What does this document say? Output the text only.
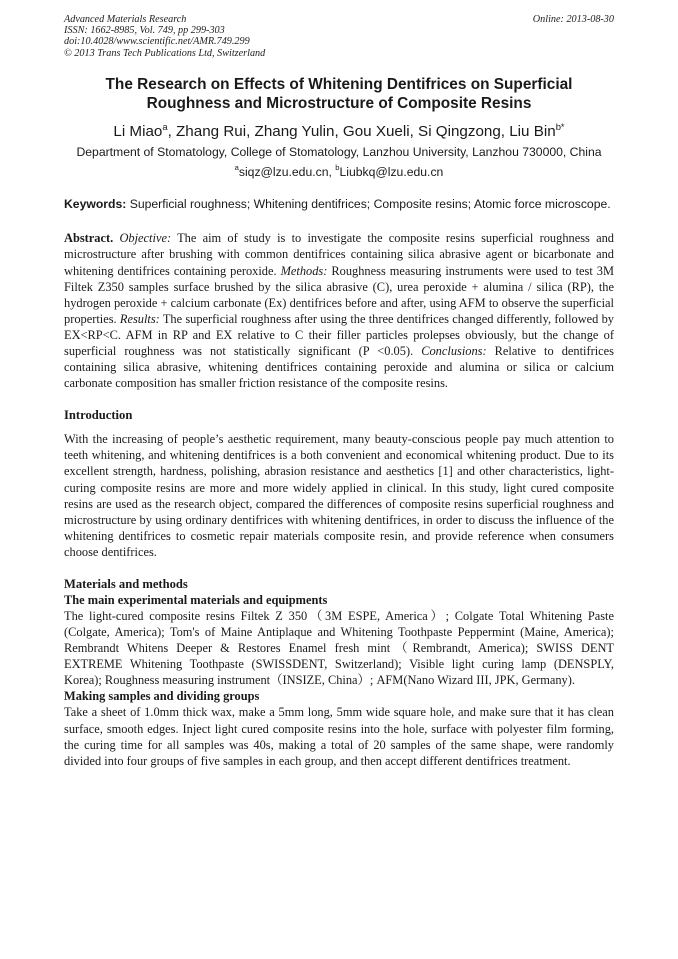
Advanced Materials Research
ISSN: 1662-8985, Vol. 749, pp 299-303
doi:10.4028/www.scientific.net/AMR.749.299
© 2013 Trans Tech Publications Ltd, Switzerland
Online: 2013-08-30
The Research on Effects of Whitening Dentifrices on Superficial Roughness and Microstructure of Composite Resins
Li Miao$^a$, Zhang Rui, Zhang Yulin, Gou Xueli, Si Qingzong, Liu Bin$^{b*}$
Department of Stomatology, College of Stomatology, Lanzhou University, Lanzhou 730000, China
$^a$siqz@lzu.edu.cn, $^b$Liubkq@lzu.edu.cn
Keywords: Superficial roughness; Whitening dentifrices; Composite resins; Atomic force microscope.
Abstract. Objective: The aim of study is to investigate the composite resins superficial roughness and microstructure after brushing with common dentifrices containing silica abrasive agent or bicarbonate and whitening dentifrices containing peroxide. Methods: Roughness measuring instruments were used to test 3M Filtek Z350 samples surface brushed by the silica abrasive (C), urea peroxide + alumina / silica (RP), the hydrogen peroxide + calcium carbonate (Ex) dentifrices before and after, using AFM to observe the superficial properties. Results: The superficial roughness after using the three dentifrices changed differently, followed by EX<RP<C. AFM in RP and EX relative to C their filler particles prolepses obviously, but the change of superficial roughness was not statistically significant (P <0.05). Conclusions: Relative to dentifrices containing silica abrasive, whitening dentifrices containing peroxide and alumina or silica or calcium carbonate composition has smaller friction resistance of the composite resins.
Introduction
With the increasing of people’s aesthetic requirement, many beauty-conscious people pay much attention to teeth whitening, and whitening dentifrices is a both convenient and economical whitening product. Due to its excellent strength, hardness, polishing, abrasion resistance and aesthetics [1] and other characteristics, light-curing composite resins are more and more widely applied in clinical. In this study, light cured composite resins are used as the research object, compared the differences of composite resins superficial roughness and microstructure by using ordinary dentifrices with whitening dentifrices, in order to discuss the influence of the whitening dentifrices to cosmetic repair materials composite resin, and provide reference when consumers choose dentifrices.
Materials and methods
The main experimental materials and equipments
The light-cured composite resins Filtek Z 350（3M ESPE, America）; Colgate Total Whitening Paste (Colgate, America); Tom's of Maine Antiplaque and Whitening Toothpaste Peppermint (Maine, America); Rembrandt Whitens Deeper & Restores Enamel fresh mint（Rembrandt, America); SWISS DENT EXTREME Whitening Toothpaste (SWISSDENT, Switzerland); Visible light curing lamp (DENSPLY, Korea); Roughness measuring instrument（INSIZE, China）; AFM(Nano Wizard III, JPK, Germany).
Making samples and dividing groups
Take a sheet of 1.0mm thick wax, make a 5mm long, 5mm wide square hole, and make sure that it has clean surface, smooth edges. Inject light cured composite resins into the hole, surface with polyester film forming, the curing time for all samples was 40s, making a total of 20 samples of the same shape, were randomly divided into four groups of five samples in each group, and then accept different dentifrices treatment.
